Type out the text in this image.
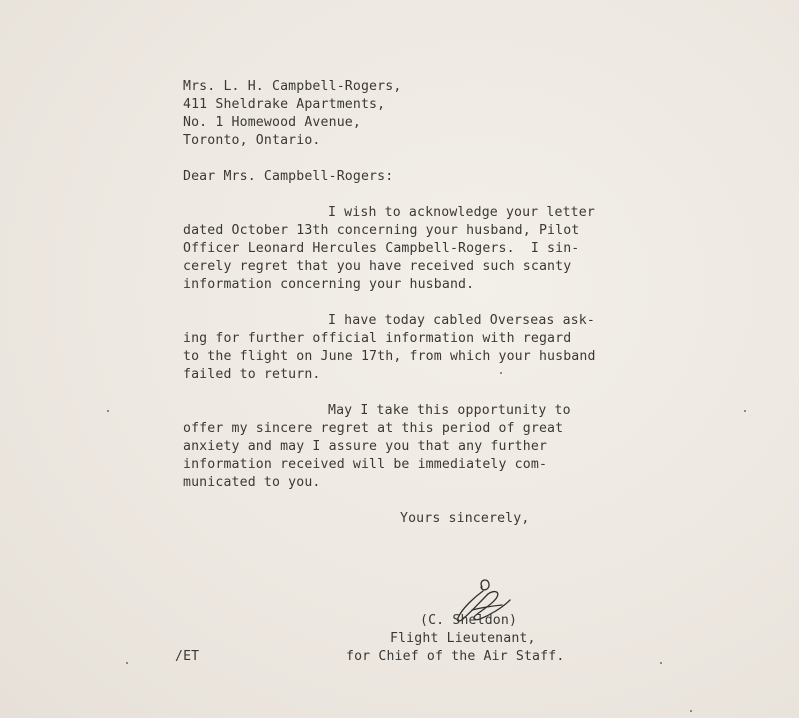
Mrs. L. H. Campbell-Rogers,
411 Sheldrake Apartments,
No. 1 Homewood Avenue,
Toronto, Ontario.
Dear Mrs. Campbell-Rogers:
I wish to acknowledge your letter
dated October 13th concerning your husband, Pilot
Officer Leonard Hercules Campbell-Rogers.  I sin-
cerely regret that you have received such scanty
information concerning your husband.
I have today cabled Overseas ask-
ing for further official information with regard
to the flight on June 17th, from which your husband
failed to return.
May I take this opportunity to
offer my sincere regret at this period of great
anxiety and may I assure you that any further
information received will be immediately com-
municated to you.
Yours sincerely,
(C. Sheldon)
Flight Lieutenant,
for Chief of the Air Staff.
/ET
